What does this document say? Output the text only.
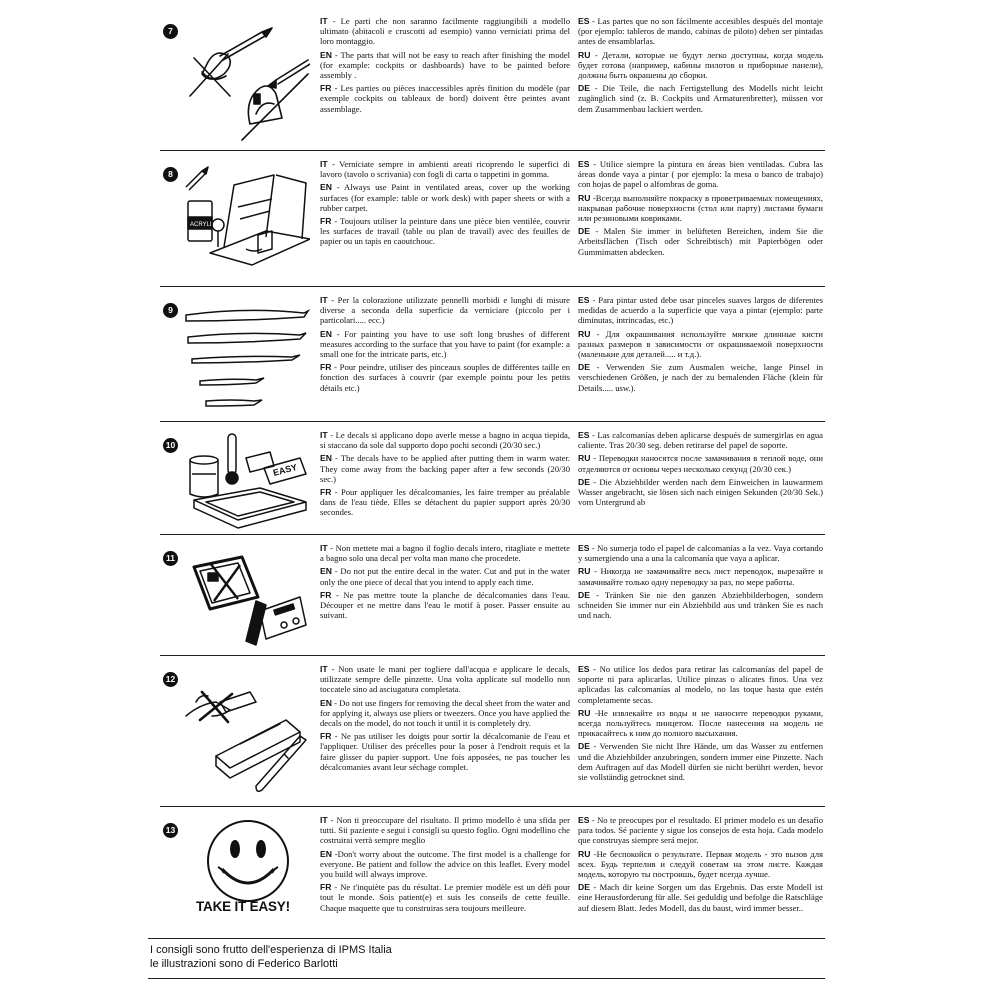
7

IT - Le parti che non saranno facilmente raggiungibili a modello ultimato (abitacoli e cruscotti ad esempio) vanno verniciati prima del loro montaggio.

EN - The parts that will not be easy to reach after finishing the model (for example: cockpits or dashboards) have to be painted before assembly .

FR - Les parties ou pièces inaccessibles après finition du modèle (par exemple cockpits ou tableaux de bord) doivent être peintes avant assemblage.

ES - Las partes que no son fácilmente accesibles después del montaje (por ejemplo: tableros de mando, cabinas de piloto) deben ser pintadas antes de ensamblarlas.

RU - Детали, которые не будут легко доступны, когда модель будет готова (например, кабины пилотов и приборные панели), должны быть окрашены до сборки.

DE - Die Teile, die nach Fertigstellung des Modells nicht leicht zugänglich sind (z. B. Cockpits und Armaturenbretter), müssen vor dem Zusammenbau lackiert werden.

8
ACRYLIC

IT - Verniciate sempre in ambienti areati ricoprendo le superfici di lavoro (tavolo o scrivania) con fogli di carta o tappetini in gomma.

EN - Always use Paint in ventilated areas, cover up the working surfaces (for example: table or work desk) with paper sheets or with a rubber carpet.

FR - Toujours utiliser la peinture dans une pièce bien ventilée, couvrir les surfaces de travail (table ou plan de travail) avec des feuilles de papier ou un tapis en caoutchouc.

ES - Utilice siempre la pintura en áreas bien ventiladas. Cubra las áreas donde vaya a pintar ( por ejemplo: la mesa o banco de trabajo) con hojas de papel o alfombras de goma.

RU -Всегда выполняйте покраску в проветриваемых помещениях, накрывая рабочие поверхности (стол или парту) листами бумаги или резиновыми ковриками.

DE - Malen Sie immer in belüfteten Bereichen, indem Sie die Arbeitsflächen (Tisch oder Schreibtisch) mit Papierbögen oder Gummimatten abdecken.

9

IT - Per la colorazione utilizzate pennelli morbidi e lunghi di misure diverse a seconda della superficie da verniciare (piccolo per i particolari..... ecc.)

EN - For painting you have to use soft long brushes of different measures according to the surface that you have to paint (for example: a small one for the intricate parts, etc.)

FR - Pour peindre, utiliser des pinceaux souples de différentes taille en fonction des surfaces à couvrir (par exemple pointu pour les petits détails etc.)

ES - Para pintar usted debe usar pinceles suaves largos de diferentes medidas de acuerdo a la superficie que vaya a pintar (ejemplo: parte diminutas, intrincadas, etc.)

RU - Для окрашивания используйте мягкие длинные кисти разных размеров в зависимости от окрашиваемой поверхности (маленькие для деталей..... и т.д.).

DE - Verwenden Sie zum Ausmalen weiche, lange Pinsel in verschiedenen Größen, je nach der zu bemalenden Fläche (klein für Details..... usw.).

10
EASY

IT - Le decals si applicano dopo averle messe a bagno in acqua tiepida, si staccano da sole dal supporto dopo pochi secondi (20/30 sec.)

EN - The decals have to be applied after putting them in warm water. They come away from the backing paper after a few seconds (20/30 sec.)

FR - Pour appliquer les décalcomanies, les faire tremper au préalable dans de l'eau tiède. Elles se détachent du papier support après 20/30 secondes.

ES - Las calcomanías deben aplicarse después de sumergirlas en agua caliente. Tras 20/30 seg. deben retirarse del papel de soporte.

RU - Переводки наносятся после замачивания в теплой воде, они отделяются от основы через несколько секунд (20/30 сек.)

DE - Die Abziehbilder werden nach dem Einweichen in lauwarmem Wasser angebracht, sie lösen sich nach einigen Sekunden (20/30 Sek.) vom Untergrund ab

11

IT - Non mettete mai a bagno il foglio decals intero, ritagliate e mettete a bagno solo una decal per volta man mano che procedete.

EN - Do not put the entire decal in the water. Cut and put in the water only the one piece of decal that you intend to apply each time.

FR - Ne pas mettre toute la planche de décalcomanies dans l'eau. Découper et ne mettre dans l'eau le motif à poser. Passer ensuite au suivant.

ES - No sumerja todo el papel de calcomanías a la vez. Vaya cortando y sumergiendo una a una la calcomanía que vaya a aplicar.

RU - Никогда не замачивайте весь лист переводок, вырезайте и замачивайте только одну переводку за раз, по мере работы.

DE - Tränken Sie nie den ganzen Abziehbilderbogen, sondern schneiden Sie immer nur ein Abziehbild aus und tränken Sie es nach und nach.

12

IT - Non usate le mani per togliere dall'acqua e applicare le decals, utilizzate sempre delle pinzette. Una volta applicate sul modello non toccatele sino ad asciugatura completata.

EN - Do not use fingers for removing the decal sheet from the water and for applying it, always use pliers or tweezers. Once you have applied the decals on the model, do not touch it until it is completely dry.

FR - Ne pas utiliser les doigts pour sortir la décalcomanie de l'eau et l'appliquer. Utiliser des précelles pour la poser à l'endroit requis et la faire glisser du papier support. Une fois apposées, ne pas toucher les décalcomanies avant leur séchage complet.

ES - No utilice los dedos para retirar las calcomanías del papel de soporte ni para aplicarlas. Utilice pinzas o alicates finos. Una vez aplicadas las calcomanías al modelo, no las toque hasta que estén completamente secas.

RU -Не извлекайте из воды и не наносите переводки руками, всегда пользуйтесь пинцетом. После нанесения на модель не прикасайтесь к ним до полного высыхания.

DE - Verwenden Sie nicht Ihre Hände, um das Wasser zu entfernen und die Abziehbilder anzubringen, sondern immer eine Pinzette. Nach dem Auftragen auf das Modell dürfen sie nicht berührt werden, bevor sie vollständig getrocknet sind.

13

IT - Non ti preoccupare del risultato. Il primo modello è una sfida per tutti. Sii paziente e segui i consigli su questo foglio. Ogni modellino che costruirai verrà sempre meglio

EN -Don't worry about the outcome. The first model is a challenge for everyone. Be patient and follow the advice on this leaflet. Every model you build will always improve.

FR - Ne t'inquiète pas du résultat. Le premier modèle est un défi pour tout le monde. Sois patient(e) et suis les conseils de cette feuille. Chaque maquette que tu construiras sera toujours meilleure.

ES - No te preocupes por el resultado. El primer modelo es un desafío para todos. Sé paciente y sigue los consejos de esta hoja. Cada modelo que construyas siempre será mejor.

RU -Не беспокойся о результате. Первая модель - это вызов для всех. Будь терпелив и следуй советам на этом листе. Каждая модель, которую ты построишь, будет всегда лучше.

DE - Mach dir keine Sorgen um das Ergebnis. Das erste Modell ist eine Herausforderung für alle. Sei geduldig und befolge die Ratschläge auf diesem Blatt. Jedes Modell, das du baust, wird immer besser..

TAKE IT EASY!
I consigli sono frutto dell'esperienza di IPMS Italia
le illustrazioni sono di Federico Barlotti
